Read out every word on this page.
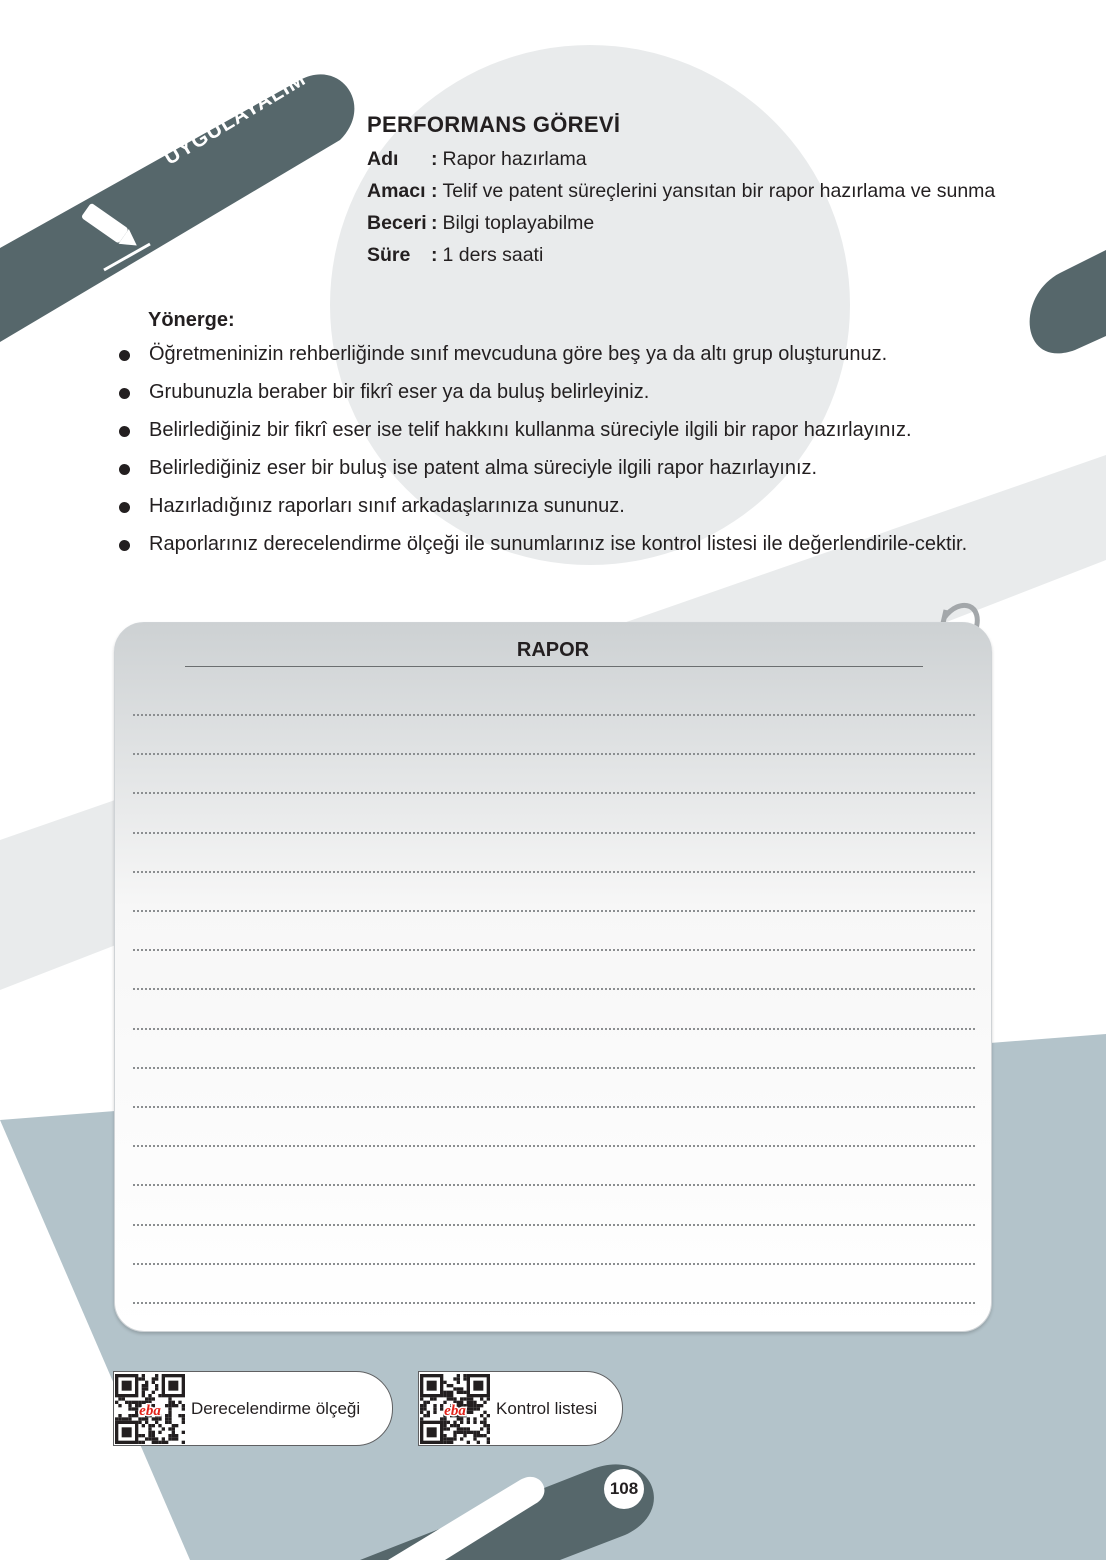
UYGULAYALIM	PERFORMANS GÖREVİ
Adı	: Rapor hazırlama
Amacı : Telif ve patent süreçlerini yansıtan bir rapor hazırlama ve sunma
Beceri : Bilgi toplayabilme
Süre	: 1 ders saati
Yönerge:
Öğretmeninizin rehberliğinde sınıf mevcuduna göre beş ya da altı grup oluşturunuz.
Grubunuzla beraber bir fikrî eser ya da buluş belirleyiniz.
Belirlediğiniz bir fikrî eser ise telif hakkını kullanma süreciyle ilgili bir rapor hazırlayınız.
Belirlediğiniz eser bir buluş ise patent alma süreciyle ilgili rapor hazırlayınız.
Hazırladığınız raporları sınıf arkadaşlarınıza sununuz.
Raporlarınız derecelendirme ölçeği ile sunumlarınız ise kontrol listesi ile değerlendirile-cektir.
RAPOR
eba Derecelendirme ölçeği	eba Kontrol listesi
108
